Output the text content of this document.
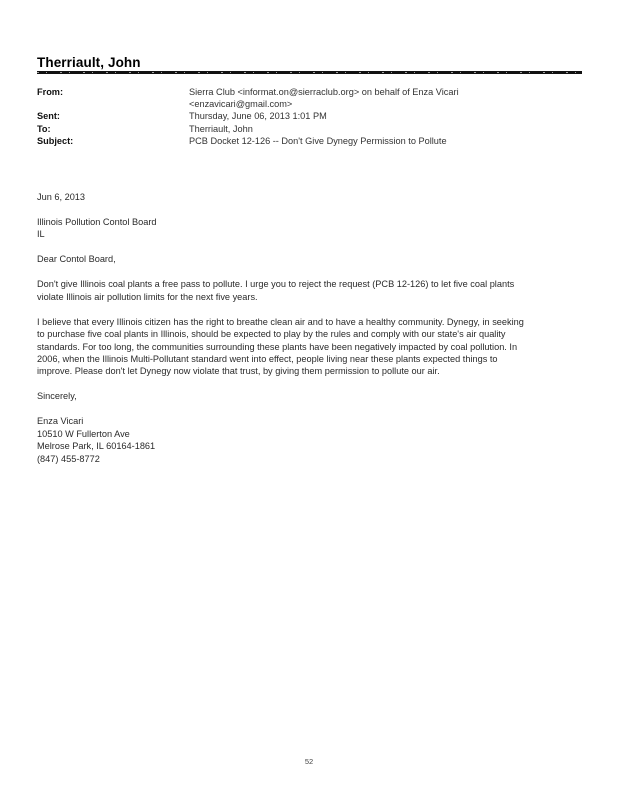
Therriault, John
From:	Sierra Club <informat.on@sierraclub.org> on behalf of Enza Vicari
<enzavicari@gmail.com>
Sent:	Thursday, June 06, 2013 1:01 PM
To:	Therriault, John
Subject:	PCB Docket 12-126 -- Don't Give Dynegy Permission to Pollute

Jun 6, 2013

Illinois Pollution Contol Board

IL

Dear Contol Board,

Don't give Illinois coal plants a free pass to pollute. I urge you to reject the request (PCB 12-126) to let five coal plants

violate Illinois air pollution limits for the next five years.

I believe that every Illinois citizen has the right to breathe clean air and to have a healthy community. Dynegy, in seeking

to purchase five coal plants in Illinois, should be expected to play by the rules and comply with our state's air quality

standards. For too long, the communities surrounding these plants have been negatively impacted by coal pollution. In

2006, when the Illinois Multi-Pollutant standard went into effect, people living near these plants expected things to

improve. Please don't let Dynegy now violate that trust, by giving them permission to pollute our air.

Sincerely,

Enza Vicari

10510 W Fullerton Ave

Melrose Park, IL 60164-1861

(847) 455-8772

52
